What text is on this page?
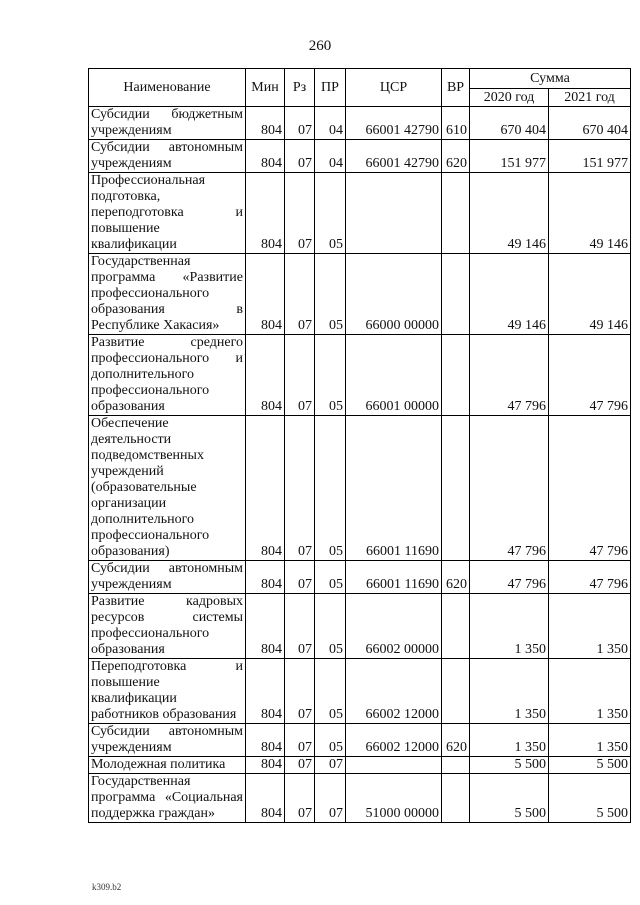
260
Наименование	Мин	Рз	ПР	ЦСР	ВР	Сумма	
						2020 год	2021 год
Субсидии бюджетным учреждениям	804	07	04	66001 42790	610	670 404	670 404
Субсидии автономным учреждениям	804	07	04	66001 42790	620	151 977	151 977
Профессиональная подготовка, переподготовка и повышение квалификации	804	07	05			49 146	49 146
Государственная программа «Развитие профессионального образования в Республике Хакасия»	804	07	05	66000 00000		49 146	49 146
Развитие среднего профессионального и дополнительного профессионального образования	804	07	05	66001 00000		47 796	47 796
Обеспечение деятельности подведомственных учреждений (образовательные организации дополнительного профессионального образования)	804	07	05	66001 11690		47 796	47 796
Субсидии автономным учреждениям	804	07	05	66001 11690	620	47 796	47 796
Развитие кадровых ресурсов системы профессионального образования	804	07	05	66002 00000		1 350	1 350
Переподготовка и повышение квалификации работников образования	804	07	05	66002 12000		1 350	1 350
Субсидии автономным учреждениям	804	07	05	66002 12000	620	1 350	1 350
Молодежная политика	804	07	07			5 500	5 500
Государственная программа «Социальная поддержка граждан»	804	07	07	51000 00000		5 500	5 500
k309.b2
